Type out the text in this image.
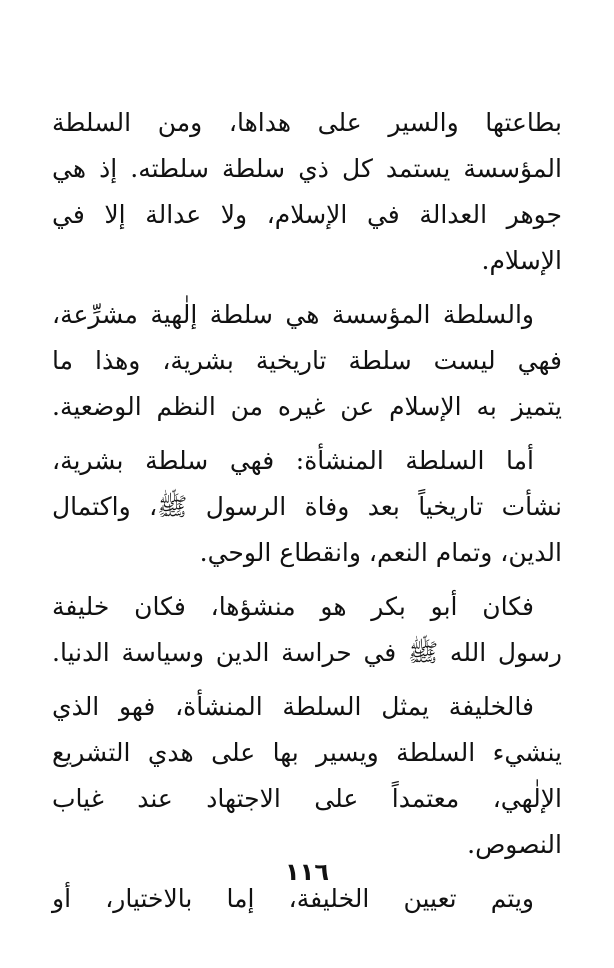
بطاعتها والسير على هداها، ومن السلطة
المؤسسة يستمد كل ذي سلطة سلطته. إذ هي
جوهر العدالة في الإسلام، ولا عدالة إلا في
الإسلام.
والسلطة المؤسسة هي سلطة إلٰهية مشرِّعة،
فهي ليست سلطة تاريخية بشرية، وهذا ما
يتميز به الإسلام عن غيره من النظم الوضعية.
أما السلطة المنشأة: فهي سلطة بشرية،
نشأت تاريخياً بعد وفاة الرسول ﷺ، واكتمال
الدين، وتمام النعم، وانقطاع الوحي.
فكان أبو بكر هو منشؤها، فكان خليفة
رسول الله ﷺ في حراسة الدين وسياسة الدنيا.
فالخليفة يمثل السلطة المنشأة، فهو الذي
ينشيء السلطة ويسير بها على هدي التشريع
الإلٰهي، معتمداً على الاجتهاد عند غياب
النصوص.
ويتم تعيين الخليفة، إما بالاختيار، أو
١١٦
